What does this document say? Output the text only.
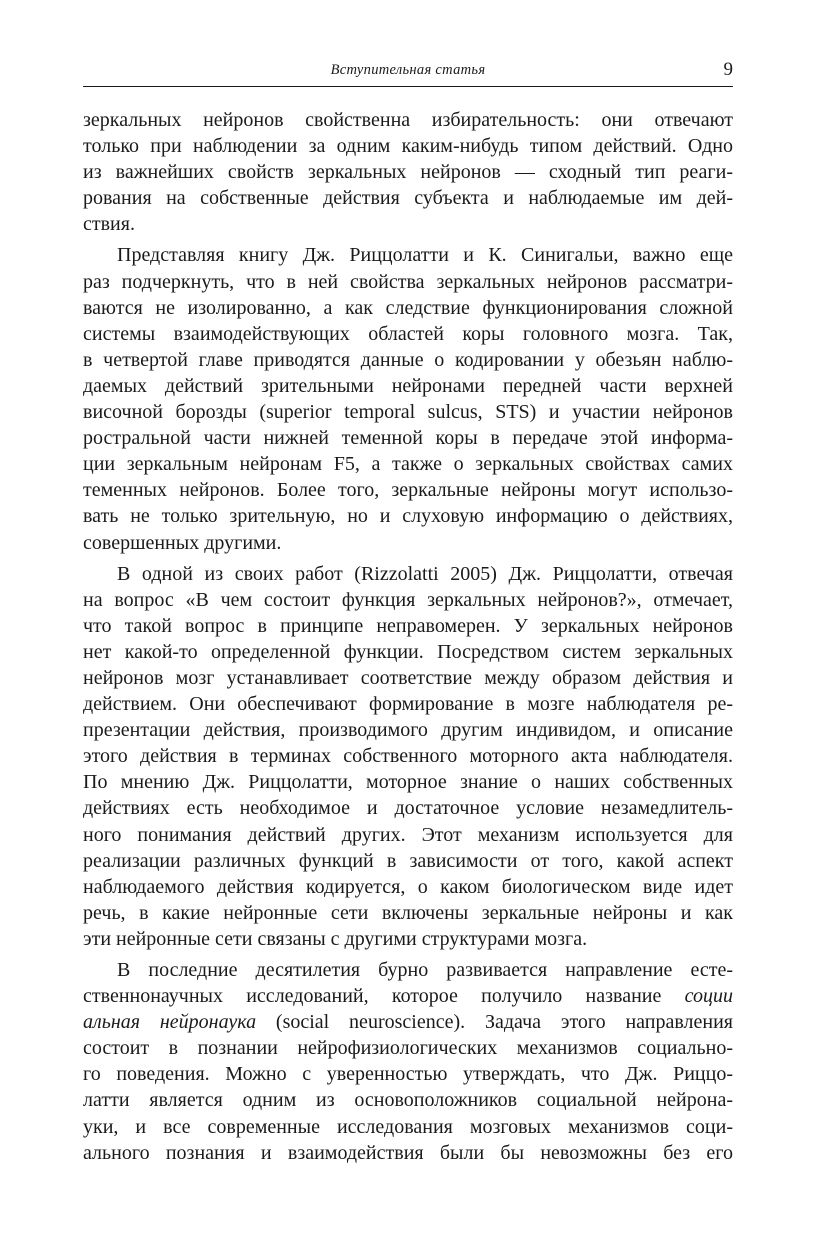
Вступительная статья	9
зеркальных нейронов свойственна избирательность: они отвечают
только при наблюдении за одним каким-нибудь типом действий. Одно
из важнейших свойств зеркальных нейронов — сходный тип реаги-
рования на собственные действия субъекта и наблюдаемые им дей-
ствия.
Представляя книгу Дж. Риццолатти и К. Синигальи, важно еще
раз подчеркнуть, что в ней свойства зеркальных нейронов рассматри-
ваются не изолированно, а как следствие функционирования сложной
системы взаимодействующих областей коры головного мозга. Так,
в четвертой главе приводятся данные о кодировании у обезьян наблю-
даемых действий зрительными нейронами передней части верхней
височной борозды (superior temporal sulcus, STS) и участии нейронов
ростральной части нижней теменной коры в передаче этой информа-
ции зеркальным нейронам F5, а также о зеркальных свойствах самих
теменных нейронов. Более того, зеркальные нейроны могут использо-
вать не только зрительную, но и слуховую информацию о действиях,
совершенных другими.
В одной из своих работ (Rizzolatti 2005) Дж. Риццолатти, отвечая
на вопрос «В чем состоит функция зеркальных нейронов?», отмечает,
что такой вопрос в принципе неправомерен. У зеркальных нейронов
нет какой-то определенной функции. Посредством систем зеркальных
нейронов мозг устанавливает соответствие между образом действия и
действием. Они обеспечивают формирование в мозге наблюдателя ре-
презентации действия, производимого другим индивидом, и описание
этого действия в терминах собственного моторного акта наблюдателя.
По мнению Дж. Риццолатти, моторное знание о наших собственных
действиях есть необходимое и достаточное условие незамедлитель-
ного понимания действий других. Этот механизм используется для
реализации различных функций в зависимости от того, какой аспект
наблюдаемого действия кодируется, о каком биологическом виде идет
речь, в какие нейронные сети включены зеркальные нейроны и как
эти нейронные сети связаны с другими структурами мозга.
В последние десятилетия бурно развивается направление есте-
ственнонаучных исследований, которое получило название соции
альная нейронаука (social neuroscience). Задача этого направления
состоит в познании нейрофизиологических механизмов социально-
го поведения. Можно с уверенностью утверждать, что Дж. Риццо-
латти является одним из основоположников социальной нейрона-
уки, и все современные исследования мозговых механизмов соци-
ального познания и взаимодействия были бы невозможны без его
